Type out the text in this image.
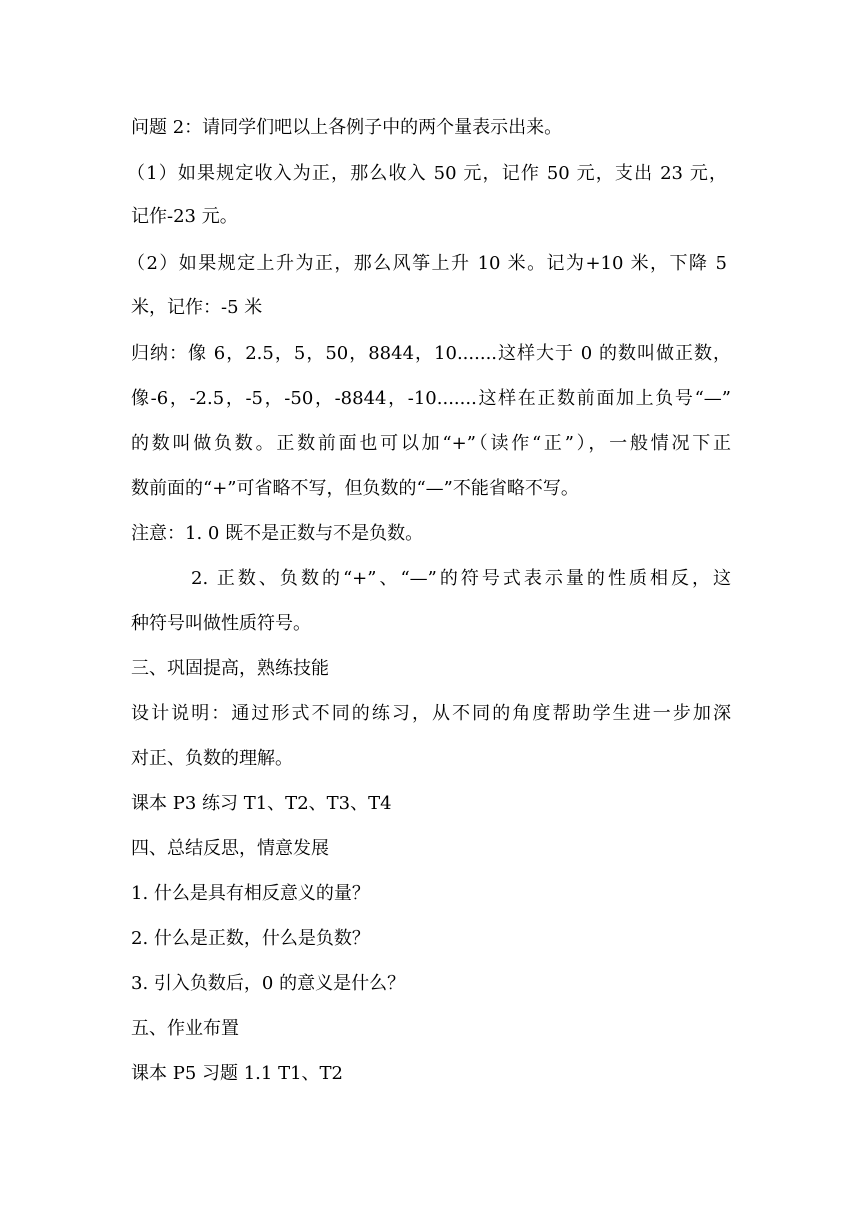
问题 2：请同学们吧以上各例子中的两个量表示出来。
（1）如果规定收入为正，那么收入 50 元，记作 50 元，支出 23 元，
记作-23 元。
（2）如果规定上升为正，那么风筝上升 10 米。记为+10 米，下降 5
米，记作：-5 米
归纳：像 6，2.5，5，50，8844，10.......这样大于 0 的数叫做正数，
像-6，-2.5，-5，-50，-8844，-10.......这样在正数前面加上负号“—”
的数叫做负数。正数前面也可以加“+”（读作“正”），一般情况下正
数前面的“+”可省略不写，但负数的“—”不能省略不写。
注意：1. 0 既不是正数与不是负数。
2. 正数、负数的“+”、“—”的符号式表示量的性质相反，这
种符号叫做性质符号。
三、巩固提高，熟练技能
设计说明：通过形式不同的练习，从不同的角度帮助学生进一步加深
对正、负数的理解。
课本 P3 练习 T1、T2、T3、T4
四、总结反思，情意发展
1. 什么是具有相反意义的量？
2. 什么是正数，什么是负数？
3. 引入负数后，0 的意义是什么？
五、作业布置
课本 P5 习题 1.1 T1、T2
